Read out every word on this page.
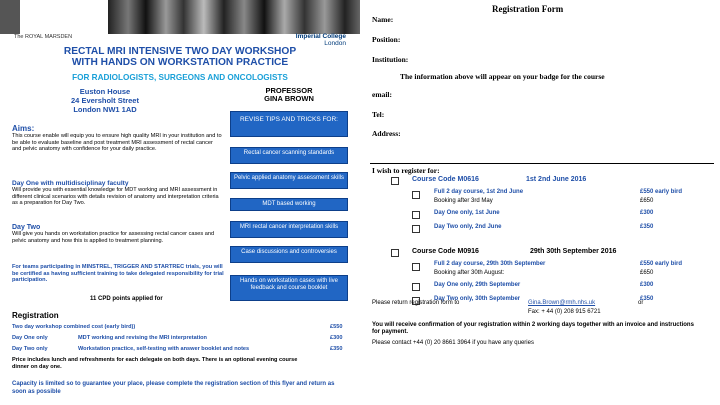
The ROYAL MARSDEN	Imperial College
London
RECTAL MRI INTENSIVE TWO DAY WORKSHOP
WITH HANDS ON WORKSTATION PRACTICE
FOR RADIOLOGISTS, SURGEONS AND ONCOLOGISTS
Euston House
24 Eversholt Street
London NW1 1AD
PROFESSOR
GINA BROWN
REVISE TIPS AND TRICKS FOR:
Rectal cancer scanning standards
Pelvic applied anatomy assessment skills
MDT based working
MRI rectal cancer interpretation skills
Case discussions and controversies
Hands on workstation cases with live feedback and course booklet
Aims:
This course enable will equip you to ensure high quality MRI in your institution and to be able to evaluate baseline and post treatment MRI assessment of rectal cancer and pelvic anatomy with confidence for your daily practice.
Day One with multidisciplinay faculty
Will provide you with essential knowledge for MDT working and MRI assessment in different clinical scenarios with details revision of anatomy and interpretation criteria as a preparation for Day Two.
Day Two
Will give you hands on workstation practice for assessing rectal cancer cases and pelvic anatomy and how this is applied to treatment planning.
For teams participating in MINSTREL, TRIGGER AND STARTREC trials, you will be certified as having sufficient training to take delegated responsibility for trial participation.
11 CPD points applied for
Registration
Two day workshop combined cost (early bird))	£550
Day One only	MDT working and revising the MRI interpretation	£300
Day Two only	Workstation practice, self-testing with answer booklet and notes	£350
Price includes lunch and refreshments for each delegate on both days. There is an optional evening course dinner on day one.
Capacity is limited so to guarantee your place, please complete the registration section of this flyer and return as soon as possible
Registration Form
Name:
Position:
Institution:
The information above will appear on your badge for the course
email:
Tel:
Address:
I wish to register for:
Course Code M0616	1st 2nd June 2016
Full 2 day course, 1st 2nd June	£550 early bird
Booking after 3rd May	£650
Day One only, 1st June	£300
Day Two only, 2nd June	£350
Course Code M0916	29th 30th September 2016
Full 2 day course, 29th 30th September	£550 early bird
Booking after 30th August:	£650
Day One only, 29th September	£300
Day Two only, 30th September	£350
Please return registration form to	Gina.Brown@rmh.nhs.uk	or
Fax: + 44 (0) 208 915 6721
You will receive confirmation of your registration within 2 working days together with an invoice and instructions for payment.
Please contact +44 (0) 20 8661 3964 if you have any queries
